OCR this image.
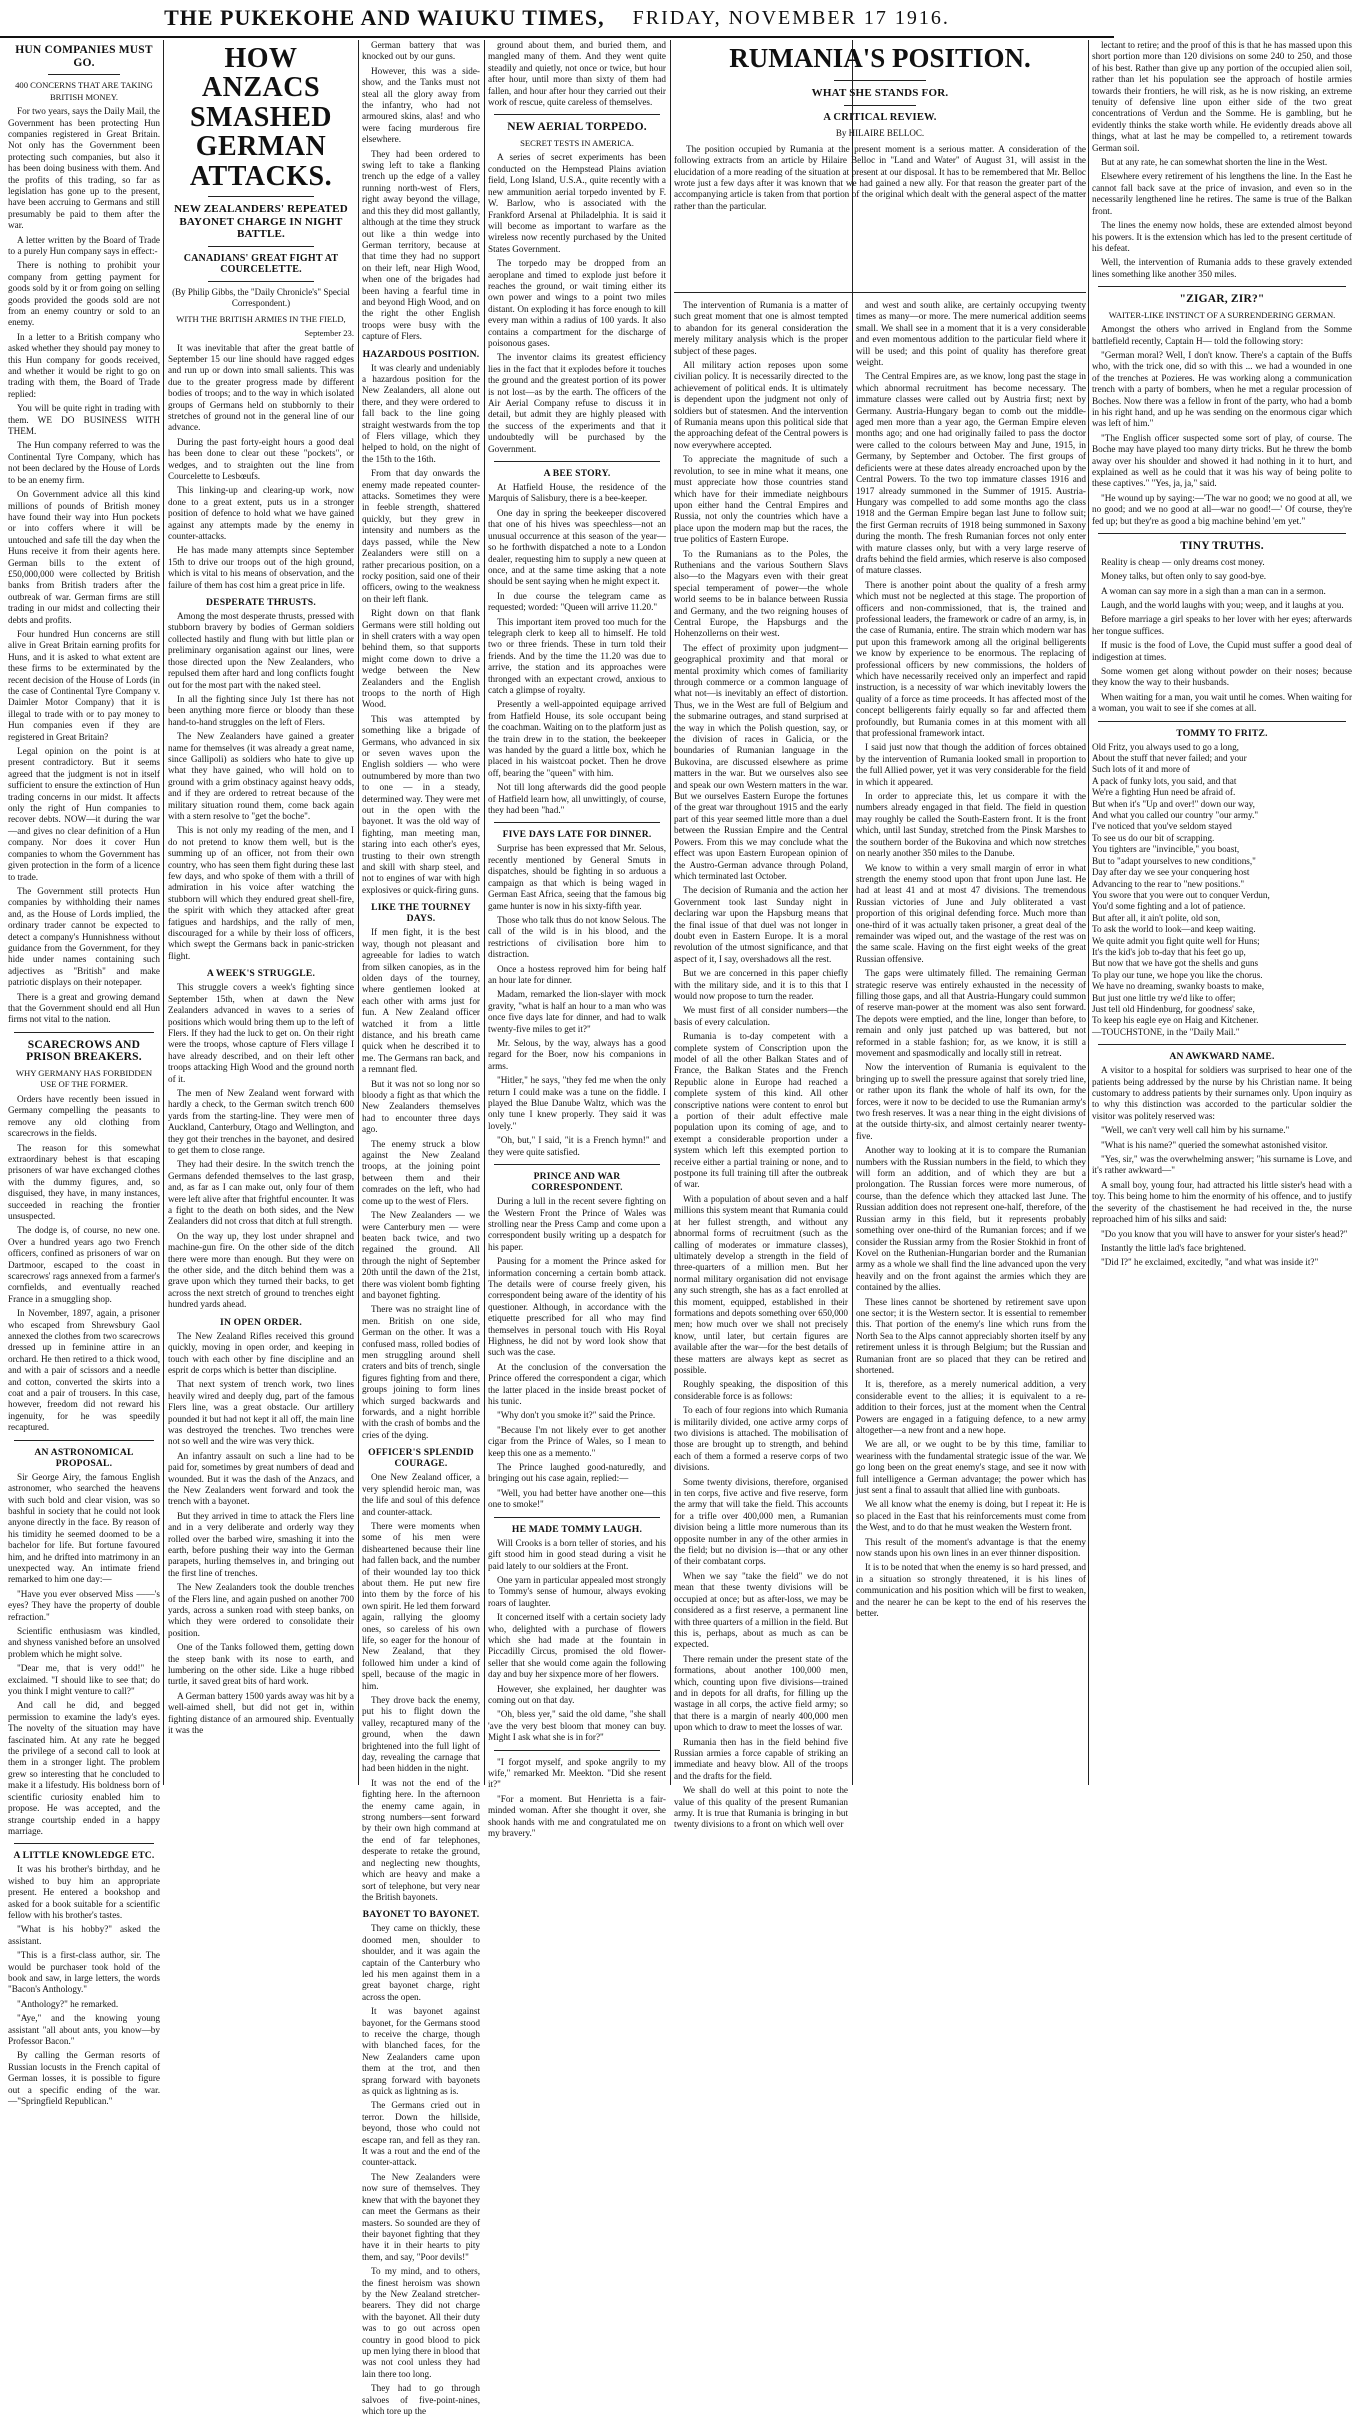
THE PUKEKOHE AND WAIUKU TIMES, FRIDAY, NOVEMBER 17 1916.
HUN COMPANIES MUST GO.
400 CONCERNS THAT ARE TAKING BRITISH MONEY.

For two years, says the Daily Mail, the Government has been protecting Hun companies registered in Great Britain. Not only has the Government been protecting such companies, but also it has been doing business with them. And the profits of this trading, so far as legislation has gone up to the present, have been accruing to Germans and still presumably be paid to them after the war.

A letter written by the Board of Trade to a purely Hun company says in effect:-

There is nothing to prohibit your company from getting payment for goods sold by it or from going on selling goods provided the goods sold are not from an enemy country or sold to an enemy.

In a letter to a British company who asked whether they should pay money to this Hun company for goods received, and whether it would be right to go on trading with them, the Board of Trade replied:

You will be quite right in trading with them. WE DO BUSINESS WITH THEM.

The Hun company referred to was the Continental Tyre Company, which has not been declared by the House of Lords to be an enemy firm.

On Government advice all this kind millions of pounds of British money have found their way into Hun pockets or into coffers where it will be untouched and safe till the day when the Huns receive it from their agents here. German bills to the extent of £50,000,000 were collected by British banks from British traders after the outbreak of war. German firms are still trading in our midst and collecting their debts and profits.

Four hundred Hun concerns are still alive in Great Britain earning profits for Huns, and it is asked to what extent are these firms to be exterminated by the recent decision of the House of Lords (in the case of Continental Tyre Company v. Daimler Motor Company) that it is illegal to trade with or to pay money to Hun companies even if they are registered in Great Britain?

Legal opinion on the point is at present contradictory. But it seems agreed that the judgment is not in itself sufficient to ensure the extinction of Hun trading concerns in our midst. It affects only the right of Hun companies to recover debts. NOW—it during the war—and gives no clear definition of a Hun company. Nor does it cover Hun companies to whom the Government has given protection in the form of a licence to trade.

The Government still protects Hun companies by withholding their names and, as the House of Lords implied, the ordinary trader cannot be expected to detect a company's Hunnishness without guidance from the Government, for they hide under names containing such adjectives as "British" and make patriotic displays on their notepaper.

There is a great and growing demand that the Government should end all Hun firms not vital to the nation.

SCARECROWS AND PRISON BREAKERS.
WHY GERMANY HAS FORBIDDEN USE OF THE FORMER.

Orders have recently been issued in Germany compelling the peasants to remove any old clothing from scarecrows in the fields.

The reason for this somewhat extraordinary behest is that escaping prisoners of war have exchanged clothes with the dummy figures, and, so disguised, they have, in many instances, succeeded in reaching the frontier unsuspected.

The dodge is, of course, no new one. Over a hundred years ago two French officers, confined as prisoners of war on Dartmoor, escaped to the coast in scarecrows' rags annexed from a farmer's cornfields, and eventually reached France in a smuggling shop.

In November, 1897, again, a prisoner who escaped from Shrewsbury Gaol annexed the clothes from two scarecrows dressed up in feminine attire in an orchard. He then retired to a thick wood, and with a pair of scissors and a needle and cotton, converted the skirts into a coat and a pair of trousers. In this case, however, freedom did not reward his ingenuity, for he was speedily recaptured.

AN ASTRONOMICAL PROPOSAL.

Sir George Airy, the famous English astronomer, who searched the heavens with such bold and clear vision, was so bashful in society that he could not look anyone directly in the face. By reason of his timidity he seemed doomed to be a bachelor for life. But fortune favoured him, and he drifted into matrimony in an unexpected way. An intimate friend remarked to him one day:—

"Have you ever observed Miss ——'s eyes? They have the property of double refraction."

Scientific enthusiasm was kindled, and shyness vanished before an unsolved problem which he might solve.

"Dear me, that is very odd!" he exclaimed. "I should like to see that; do you think I might venture to call?"

And call he did, and begged permission to examine the lady's eyes. The novelty of the situation may have fascinated him. At any rate he begged the privilege of a second call to look at them in a stronger light. The problem grew so interesting that he concluded to make it a lifestudy. His boldness born of scientific curiosity enabled him to propose. He was accepted, and the strange courtship ended in a happy marriage.

A LITTLE KNOWLEDGE ETC.

It was his brother's birthday, and he wished to buy him an appropriate present. He entered a bookshop and asked for a book suitable for a scientific fellow with his brother's tastes.

"What is his hobby?" asked the assistant.

"This is a first-class author, sir. The would be purchaser took hold of the book and saw, in large letters, the words "Bacon's Anthology."

"Anthology?" he remarked.

"Aye," and the knowing young assistant "all about ants, you know—by Professor Bacon."

By calling the German resorts of Russian locusts in the French capital of German losses, it is possible to figure out a specific ending of the war.—"Springfield Republican."

HOW ANZACS SMASHED GERMAN ATTACKS.
NEW ZEALANDERS' REPEATED BAYONET CHARGE IN NIGHT BATTLE.
CANADIANS' GREAT FIGHT AT COURCELETTE.
(By Philip Gibbs, the "Daily Chronicle's" Special Correspondent.)
WITH THE BRITISH ARMIES IN THE FIELD,
September 23.

It was inevitable that after the great battle of September 15 our line should have ragged edges and run up or down into small salients. This was due to the greater progress made by different bodies of troops; and to the way in which isolated groups of Germans held on stubbornly to their stretches of ground not in the general line of our advance.

During the past forty-eight hours a good deal has been done to clear out these "pockets", or wedges, and to straighten out the line from Courcelette to Lesbœufs.

This linking-up and clearing-up work, now done to a great extent, puts us in a stronger position of defence to hold what we have gained against any attempts made by the enemy in counter-attacks.

He has made many attempts since September 15th to drive our troops out of the high ground, which is vital to his means of observation, and the failure of them has cost him a great price in life.

DESPERATE THRUSTS.

Among the most desperate thrusts, pressed with stubborn bravery by bodies of German soldiers collected hastily and flung with but little plan or preliminary organisation against our lines, were those directed upon the New Zealanders, who repulsed them after hard and long conflicts fought out for the most part with the naked steel.

In all the fighting since July 1st there has not been anything more fierce or bloody than these hand-to-hand struggles on the left of Flers.

The New Zealanders have gained a greater name for themselves (it was already a great name, since Gallipoli) as soldiers who hate to give up what they have gained, who will hold on to ground with a grim obstinacy against heavy odds, and if they are ordered to retreat because of the military situation round them, come back again with a stern resolve to "get the boche".

This is not only my reading of the men, and I do not pretend to know them well, but is the summing up of an officer, not from their own country, who has seen them fight during these last few days, and who spoke of them with a thrill of admiration in his voice after watching the stubborn will which they endured great shell-fire, the spirit with which they attacked after great fatigues and hardships, and the rally of men, discouraged for a while by their loss of officers, which swept the Germans back in panic-stricken flight.

A WEEK'S STRUGGLE.

This struggle covers a week's fighting since September 15th, when at dawn the New Zealanders advanced in waves to a series of positions which would bring them up to the left of Flers. If they had the luck to get on. On their right were the troops, whose capture of Flers village I have already described, and on their left other troops attacking High Wood and the ground north of it.

The men of New Zealand went forward with hardly a check, to the German switch trench 600 yards from the starting-line. They were men of Auckland, Canterbury, Otago and Wellington, and they got their trenches in the bayonet, and desired to get them to close range.

They had their desire. In the switch trench the Germans defended themselves to the last grasp, and, as far as I can make out, only four of them were left alive after that frightful encounter. It was a fight to the death on both sides, and the New Zealanders did not cross that ditch at full strength.

On the way up, they lost under shrapnel and machine-gun fire. On the other side of the ditch there were more than enough. But they were on the other side, and the ditch behind them was a grave upon which they turned their backs, to get across the next stretch of ground to trenches eight hundred yards ahead.

IN OPEN ORDER.

The New Zealand Rifles received this ground quickly, moving in open order, and keeping in touch with each other by fine discipline and an esprit de corps which is better than discipline.

That next system of trench work, two lines heavily wired and deeply dug, part of the famous Flers line, was a great obstacle. Our artillery pounded it but had not kept it all off, the main line was destroyed the trenches. Two trenches were not so well and the wire was very thick.

An infantry assault on such a line had to be paid for, sometimes by great numbers of dead and wounded. But it was the dash of the Anzacs, and the New Zealanders went forward and took the trench with a bayonet.

But they arrived in time to attack the Flers line and in a very deliberate and orderly way they rolled over the barbed wire, smashing it into the earth, before pushing their way into the German parapets, hurling themselves in, and bringing out the first line of trenches.

The New Zealanders took the double trenches of the Flers line, and again pushed on another 700 yards, across a sunken road with steep banks, on which they were ordered to consolidate their position.

One of the Tanks followed them, getting down the steep bank with its nose to earth, and lumbering on the other side. Like a huge ribbed turtle, it saved great bits of hard work.

A German battery 1500 yards away was hit by a well-aimed shell, but did not get in, within fighting distance of an armoured ship. Eventually it was the

German battery that was knocked out by our guns.

However, this was a side-show, and the Tanks must not steal all the glory away from the infantry, who had not armoured skins, alas! and who were facing murderous fire elsewhere.

They had been ordered to swing left to take a flanking trench up the edge of a valley running north-west of Flers, right away beyond the village, and this they did most gallantly, although at the time they struck out like a thin wedge into German territory, because at that time they had no support on their left, near High Wood, when one of the brigades had been having a fearful time in and beyond High Wood, and on the right the other English troops were busy with the capture of Flers.

HAZARDOUS POSITION.

It was clearly and undeniably a hazardous position for the New Zealanders, all alone out there, and they were ordered to fall back to the line going straight westwards from the top of Flers village, which they helped to hold, on the night of the 15th to the 16th.

From that day onwards the enemy made repeated counter-attacks. Sometimes they were in feeble strength, shattered quickly, but they grew in intensity and numbers as the days passed, while the New Zealanders were still on a rather precarious position, on a rocky position, said one of their officers, owing to the weakness on their left flank.

Right down on that flank Germans were still holding out in shell craters with a way open behind them, so that supports might come down to drive a wedge between the New Zealanders and the English troops to the north of High Wood.

This was attempted by something like a brigade of Germans, who advanced in six or seven waves upon the English soldiers — who were outnumbered by more than two to one — in a steady, determined way. They were met out in the open with the bayonet. It was the old way of fighting, man meeting man, staring into each other's eyes, trusting to their own strength and skill with sharp steel, and not to engines of war with high explosives or quick-firing guns.

LIKE THE TOURNEY DAYS.

If men fight, it is the best way, though not pleasant and agreeable for ladies to watch from silken canopies, as in the olden days of the tourney, where gentlemen looked at each other with arms just for fun. A New Zealand officer watched it from a little distance, and his breath came quick when he described it to me. The Germans ran back, and a remnant fled.

But it was not so long nor so bloody a fight as that which the New Zealanders themselves had to encounter three days ago.

The enemy struck a blow against the New Zealand troops, at the joining point between them and their comrades on the left, who had come up to the west of Flers.

The New Zealanders — we were Canterbury men — were beaten back twice, and two regained the ground. All through the night of September 20th until the dawn of the 21st, there was violent bomb fighting and bayonet fighting.

There was no straight line of men. British on one side, German on the other. It was a confused mass, rolled bodies of men struggling around shell craters and bits of trench, single figures fighting from and there, groups joining to form lines which surged backwards and forwards, and a night horrible with the crash of bombs and the cries of the dying.

OFFICER'S SPLENDID COURAGE.

One New Zealand officer, a very splendid heroic man, was the life and soul of this defence and counter-attack.

There were moments when some of his men were disheartened because their line had fallen back, and the number of their wounded lay too thick about them. He put new fire into them by the force of his own spirit. He led them forward again, rallying the gloomy ones, so careless of his own life, so eager for the honour of New Zealand, that they followed him under a kind of spell, because of the magic in him.

They drove back the enemy, put his to flight down the valley, recaptured many of the ground, when the dawn brightened into the full light of day, revealing the carnage that had been hidden in the night.

It was not the end of the fighting here. In the afternoon the enemy came again, in strong numbers—sent forward by their own high command at the end of far telephones, desperate to retake the ground, and neglecting new thoughts, which are heavy and make a sort of telephone, but very near the British bayonets.

BAYONET TO BAYONET.

They came on thickly, these doomed men, shoulder to shoulder, and it was again the captain of the Canterbury who led his men against them in a great bayonet charge, right across the open.

It was bayonet against bayonet, for the Germans stood to receive the charge, though with blanched faces, for the New Zealanders came upon them at the trot, and then sprang forward with bayonets as quick as lightning as is.

The Germans cried out in terror. Down the hillside, beyond, those who could not escape ran, and fell as they ran. It was a rout and the end of the counter-attack.

The New Zealanders were now sure of themselves. They knew that with the bayonet they can meet the Germans as their masters. So sounded are they of their bayonet fighting that they have it in their hearts to pity them, and say, "Poor devils!"

To my mind, and to others, the finest heroism was shown by the New Zealand stretcher-bearers. They did not charge with the bayonet. All their duty was to go out across open country in good blood to pick up men lying there in blood that was not cool unless they had lain there too long.

They had to go through salvoes of five-point-nines, which tore up the

ground about them, and buried them, and mangled many of them. And they went quite steadily and quietly, not once or twice, but hour after hour, until more than sixty of them had fallen, and hour after hour they carried out their work of rescue, quite careless of themselves.

NEW AERIAL TORPEDO.
SECRET TESTS IN AMERICA.

A series of secret experiments has been conducted on the Hempstead Plains aviation field, Long Island, U.S.A., quite recently with a new ammunition aerial torpedo invented by F. W. Barlow, who is associated with the Frankford Arsenal at Philadelphia. It is said it will become as important to warfare as the wireless now recently purchased by the United States Government.

The torpedo may be dropped from an aeroplane and timed to explode just before it reaches the ground, or wait timing either its own power and wings to a point two miles distant. On exploding it has force enough to kill every man within a radius of 100 yards. It also contains a compartment for the discharge of poisonous gases.

The inventor claims its greatest efficiency lies in the fact that it explodes before it touches the ground and the greatest portion of its power is not lost—as by the earth. The officers of the Air Aerial Company refuse to discuss it in detail, but admit they are highly pleased with the success of the experiments and that it undoubtedly will be purchased by the Government.

A BEE STORY.

At Hatfield House, the residence of the Marquis of Salisbury, there is a bee-keeper.

One day in spring the beekeeper discovered that one of his hives was speechless—not an unusual occurrence at this season of the year—so he forthwith dispatched a note to a London dealer, requesting him to supply a new queen at once, and at the same time asking that a note should be sent saying when he might expect it.

In due course the telegram came as requested; worded: "Queen will arrive 11.20."

This important item proved too much for the telegraph clerk to keep all to himself. He told two or three friends. These in turn told their friends. And by the time the 11.20 was due to arrive, the station and its approaches were thronged with an expectant crowd, anxious to catch a glimpse of royalty.

Presently a well-appointed equipage arrived from Hatfield House, its sole occupant being the coachman. Waiting on to the platform just as the train drew in to the station, the beekeeper was handed by the guard a little box, which he placed in his waistcoat pocket. Then he drove off, bearing the "queen" with him.

Not till long afterwards did the good people of Hatfield learn how, all unwittingly, of course, they had been "had."

FIVE DAYS LATE FOR DINNER.

Surprise has been expressed that Mr. Selous, recently mentioned by General Smuts in dispatches, should be fighting in so arduous a campaign as that which is being waged in German East Africa, seeing that the famous big game hunter is now in his sixty-fifth year.

Those who talk thus do not know Selous. The call of the wild is in his blood, and the restrictions of civilisation bore him to distraction.

Once a hostess reproved him for being half an hour late for dinner.

Madam, remarked the lion-slayer with mock gravity, "what is half an hour to a man who was once five days late for dinner, and had to walk twenty-five miles to get it?"

Mr. Selous, by the way, always has a good regard for the Boer, now his companions in arms.

"Hitler," he says, "they fed me when the only return I could make was a tune on the fiddle. I played the Blue Danube Waltz, which was the only tune I knew properly. They said it was lovely."

"Oh, but," I said, "it is a French hymn!" and they were quite satisfied.

PRINCE AND WAR CORRESPONDENT.

During a lull in the recent severe fighting on the Western Front the Prince of Wales was strolling near the Press Camp and come upon a correspondent busily writing up a despatch for his paper.

Pausing for a moment the Prince asked for information concerning a certain bomb attack. The details were of course freely given, his correspondent being aware of the identity of his questioner. Although, in accordance with the etiquette prescribed for all who may find themselves in personal touch with His Royal Highness, he did not by word look show that such was the case.

At the conclusion of the conversation the Prince offered the correspondent a cigar, which the latter placed in the inside breast pocket of his tunic.

"Why don't you smoke it?" said the Prince.

"Because I'm not likely ever to get another cigar from the Prince of Wales, so I mean to keep this one as a memento."

The Prince laughed good-naturedly, and bringing out his case again, replied:—

"Well, you had better have another one—this one to smoke!"

HE MADE TOMMY LAUGH.

Will Crooks is a born teller of stories, and his gift stood him in good stead during a visit he paid lately to our soldiers at the Front.

One yarn in particular appealed most strongly to Tommy's sense of humour, always evoking roars of laughter.

It concerned itself with a certain society lady who, delighted with a purchase of flowers which she had made at the fountain in Piccadilly Circus, promised the old flower-seller that she would come again the following day and buy her sixpence more of her flowers.

However, she explained, her daughter was coming out on that day.

"Oh, bless yer," said the old dame, "she shall 'ave the very best bloom that money can buy. Might I ask what she is in for?"

"I forgot myself, and spoke angrily to my wife," remarked Mr. Meekton. "Did she resent it?"

"For a moment. But Henrietta is a fair-minded woman. After she thought it over, she shook hands with me and congratulated me on my bravery."

RUMANIA'S POSITION.
WHAT SHE STANDS FOR.
A CRITICAL REVIEW.
By HILAIRE BELLOC.

The position occupied by Rumania at the present moment is a serious matter. A consideration of the following extracts from an article by Hilaire Belloc in "Land and Water" of August 31, will assist in the elucidation of a more reading of the situation at present at our disposal. It has to be remembered that Mr. Belloc wrote just a few days after it was known that we had gained a new ally. For that reason the greater part of the accompanying article is taken from that portion of the original which dealt with the general aspect of the matter rather than the particular.

The intervention of Rumania is a matter of such great moment that one is almost tempted to abandon for its general consideration the merely military analysis which is the proper subject of these pages.

All military action reposes upon some civilian policy. It is necessarily directed to the achievement of political ends. It is ultimately is dependent upon the judgment not only of soldiers but of statesmen. And the intervention of Rumania means upon this political side that the approaching defeat of the Central powers is now everywhere accepted.

To appreciate the magnitude of such a revolution, to see in mine what it means, one must appreciate how those countries stand which have for their immediate neighbours upon either hand the Central Empires and Russia, not only the countries which have a place upon the modern map but the races, the true politics of Eastern Europe.

To the Rumanians as to the Poles, the Ruthenians and the various Southern Slavs also—to the Magyars even with their great special temperament of power—the whole world seems to be in balance between Russia and Germany, and the two reigning houses of Central Europe, the Hapsburgs and the Hohenzollerns on their west.

The effect of proximity upon judgment—geographical proximity and that moral or mental proximity which comes of familiarity through commerce or a common language of what not—is inevitably an effect of distortion. Thus, we in the West are full of Belgium and the submarine outrages, and stand surprised at the way in which the Polish question, say, or the division of races in Galicia, or the boundaries of Rumanian language in the Bukovina, are discussed elsewhere as prime matters in the war. But we ourselves also see and speak our own Western matters in the war. But we ourselves Eastern Europe the fortunes of the great war throughout 1915 and the early part of this year seemed little more than a duel between the Russian Empire and the Central Powers. From this we may conclude what the effect was upon Eastern European opinion of the Austro-German advance through Poland, which terminated last October.

The decision of Rumania and the action her Government took last Sunday night in declaring war upon the Hapsburg means that the final issue of that duel was not longer in doubt even in Eastern Europe. It is a moral revolution of the utmost significance, and that aspect of it, I say, overshadows all the rest.

But we are concerned in this paper chiefly with the military side, and it is to this that I would now propose to turn the reader.

We must first of all consider numbers—the basis of every calculation.

Rumania is to-day competent with a complete system of Conscription upon the model of all the other Balkan States and of France, the Balkan States and the French Republic alone in Europe had reached a complete system of this kind. All other conscriptive nations were content to enrol but a portion of their adult effective male population upon its coming of age, and to exempt a considerable proportion under a system which left this exempted portion to receive either a partial training or none, and to postpone its full training till after the outbreak of war.

With a population of about seven and a half millions this system meant that Rumania could at her fullest strength, and without any abnormal forms of recruitment (such as the calling of moderates or immature classes), ultimately develop a strength in the field of three-quarters of a million men. But her normal military organisation did not envisage any such strength, she has as a fact enrolled at this moment, equipped, established in their formations and depots something over 650,000 men; how much over we shall not precisely know, until later, but certain figures are available after the war—for the best details of these matters are always kept as secret as possible.

Roughly speaking, the disposition of this considerable force is as follows:

To each of four regions into which Rumania is militarily divided, one active army corps of two divisions is attached. The mobilisation of those are brought up to strength, and behind each of them a formed a reserve corps of two divisions.

Some twenty divisions, therefore, organised in ten corps, five active and five reserve, form the army that will take the field. This accounts for a trifle over 400,000 men, a Rumanian division being a little more numerous than its opposite number in any of the other armies in the field; but no division is—that or any other of their combatant corps.

When we say "take the field" we do not mean that these twenty divisions will be occupied at once; but as after-loss, we may be considered as a first reserve, a permanent line with three quarters of a million in the field. But this is, perhaps, about as much as can be expected.

There remain under the present state of the formations, about another 100,000 men, which, counting upon five divisions—trained and in depots for all drafts, for filling up the wastage in all corps, the active field army; so that there is a margin of nearly 400,000 men upon which to draw to meet the losses of war.

Rumania then has in the field behind five Russian armies a force capable of striking an immediate and heavy blow. All of the troops and the drafts for the field.

We shall do well at this point to note the value of this quality of the present Rumanian army. It is true that Rumania is bringing in but twenty divisions to a front on which well over

and west and south alike, are certainly occupying twenty times as many—or more. The mere numerical addition seems small. We shall see in a moment that it is a very considerable and even momentous addition to the particular field where it will be used; and this point of quality has therefore great weight.

The Central Empires are, as we know, long past the stage in which abnormal recruitment has become necessary. The immature classes were called out by Austria first; next by Germany. Austria-Hungary began to comb out the middle-aged men more than a year ago, the German Empire eleven months ago; and one had originally failed to pass the doctor were called to the colours between May and June, 1915, in Germany, by September and October. The first groups of deficients were at these dates already encroached upon by the Central Powers. To the two top immature classes 1916 and 1917 already summoned in the Summer of 1915. Austria-Hungary was compelled to add some months ago the class 1918 and the German Empire began last June to follow suit; the first German recruits of 1918 being summoned in Saxony during the month. The fresh Rumanian forces not only enter with mature classes only, but with a very large reserve of drafts behind the field armies, which reserve is also composed of mature classes.

There is another point about the quality of a fresh army which must not be neglected at this stage. The proportion of officers and non-commissioned, that is, the trained and professional leaders, the framework or cadre of an army, is, in the case of Rumania, entire. The strain which modern war has put upon this framework among all the original belligerents we know by experience to be enormous. The replacing of professional officers by new commissions, the holders of which have necessarily received only an imperfect and rapid instruction, is a necessity of war which inevitably lowers the quality of a force as time proceeds. It has affected most of the concept belligerents fairly equally so far and affected them profoundly, but Rumania comes in at this moment with all that professional framework intact.

I said just now that though the addition of forces obtained by the intervention of Rumania looked small in proportion to the full Allied power, yet it was very considerable for the field in which it appeared.

In order to appreciate this, let us compare it with the numbers already engaged in that field. The field in question may roughly be called the South-Eastern front. It is the front which, until last Sunday, stretched from the Pinsk Marshes to the southern border of the Bukovina and which now stretches on nearly another 350 miles to the Danube.

We know to within a very small margin of error in what strength the enemy stood upon that front upon June last. He had at least 41 and at most 47 divisions. The tremendous Russian victories of June and July obliterated a vast proportion of this original defending force. Much more than one-third of it was actually taken prisoner, a great deal of the remainder was wiped out, and the wastage of the rest was on the same scale. Having on the first eight weeks of the great Russian offensive.

The gaps were ultimately filled. The remaining German strategic reserve was entirely exhausted in the necessity of filling those gaps, and all that Austria-Hungary could summon of reserve man-power at the moment was also sent forward. The depots were emptied, and the line, longer than before, to remain and only just patched up was battered, but not reformed in a stable fashion; for, as we know, it is still a movement and spasmodically and locally still in retreat.

Now the intervention of Rumania is equivalent to the bringing up to swell the pressure against that sorely tried line, or rather upon its flank the whole of half its own, for the forces, were it now to be decided to use the Rumanian army's two fresh reserves. It was a near thing in the eight divisions of at the outside thirty-six, and almost certainly nearer twenty-five.

Another way to looking at it is to compare the Rumanian numbers with the Russian numbers in the field, to which they will form an addition, and of which they are but a prolongation. The Russian forces were more numerous, of course, than the defence which they attacked last June. The Russian addition does not represent one-half, therefore, of the Russian army in this field, but it represents probably something over one-third of the Rumanian forces; and if we consider the Russian army from the Rosier Stokhid in front of Kovel on the Ruthenian-Hungarian border and the Rumanian army as a whole we shall find the line advanced upon the very heavily and on the front against the armies which they are contained by the allies.

These lines cannot be shortened by retirement save upon one sector; it is the Western sector. It is essential to remember this. That portion of the enemy's line which runs from the North Sea to the Alps cannot appreciably shorten itself by any retirement unless it is through Belgium; but the Russian and Rumanian front are so placed that they can be retired and shortened.

It is, therefore, as a merely numerical addition, a very considerable event to the allies; it is equivalent to a re-addition to their forces, just at the moment when the Central Powers are engaged in a fatiguing defence, to a new army altogether—a new front and a new hope.

We are all, or we ought to be by this time, familiar to weariness with the fundamental strategic issue of the war. We go long been on the great enemy's stage, and see it now with full intelligence a German advantage; the power which has just sent a final to assault that allied line with gunboats.

We all know what the enemy is doing, but I repeat it: He is so placed in the East that his reinforcements must come from the West, and to do that he must weaken the Western front.

This result of the moment's advantage is that the enemy now stands upon his own lines in an ever thinner disposition.

It is to be noted that when the enemy is so hard pressed, and in a situation so strongly threatened, it is his lines of communication and his position which will be first to weaken, and the nearer he can be kept to the end of his reserves the better.

lectant to retire; and the proof of this is that he has massed upon this short portion more than 120 divisions on some 240 to 250, and those of his best. Rather than give up any portion of the occupied alien soil, rather than let his population see the approach of hostile armies towards their frontiers, he will risk, as he is now risking, an extreme tenuity of defensive line upon either side of the two great concentrations of Verdun and the Somme. He is gambling, but he evidently thinks the stake worth while. He evidently dreads above all things, what at last he may be compelled to, a retirement towards German soil.

But at any rate, he can somewhat shorten the line in the West.

Elsewhere every retirement of his lengthens the line. In the East he cannot fall back save at the price of invasion, and even so in the necessarily lengthened line he retires. The same is true of the Balkan front.

The lines the enemy now holds, these are extended almost beyond his powers. It is the extension which has led to the present certitude of his defeat.

Well, the intervention of Rumania adds to these gravely extended lines something like another 350 miles.

"ZIGAR, ZIR?"
WAITER-LIKE INSTINCT OF A SURRENDERING GERMAN.

Amongst the others who arrived in England from the Somme battlefield recently, Captain H— told the following story:

"German moral? Well, I don't know. There's a captain of the Buffs who, with the trick one, did so with this ... we had a wounded in one of the trenches at Pozieres. He was working along a communication trench with a party of bombers, when he met a regular procession of Boches. Now there was a fellow in front of the party, who had a bomb in his right hand, and up he was sending on the enormous cigar which was left of him."

"The English officer suspected some sort of play, of course. The Boche may have played too many dirty tricks. But he threw the bomb away over his shoulder and showed it had nothing in it to hurt, and explained as well as he could that it was his way of being polite to these captives." "Yes, ja, ja," said.

"He wound up by saying:—'The war no good; we no good at all, we no good; and we no good at all—war no good!—' Of course, they're fed up; but they're as good a big machine behind 'em yet."

TINY TRUTHS.

Reality is cheap — only dreams cost money.

Money talks, but often only to say good-bye.

A woman can say more in a sigh than a man can in a sermon.

Laugh, and the world laughs with you; weep, and it laughs at you.

Before marriage a girl speaks to her lover with her eyes; afterwards her tongue suffices.

If music is the food of Love, the Cupid must suffer a good deal of indigestion at times.

Some women get along without powder on their noses; because they know the way to their husbands.

When waiting for a man, you wait until he comes. When waiting for a woman, you wait to see if she comes at all.

TOMMY TO FRITZ.

Old Fritz, you always used to go a long,

About the stuff that never failed; and your

Such lots of it and more of

A pack of funky lots, you said, and that

We're a fighting Hun need be afraid of.

But when it's "Up and over!" down our way,

And what you called our country "our army."

I've noticed that you've seldom stayed

To see us do our bit of scrapping.

You tighters are "invincible," you boast,

But to "adapt yourselves to new conditions,"

Day after day we see your conquering host

Advancing to the rear to "new positions."

You swore that you were out to conquer Verdun,

You'd some fighting and a lot of patience.

But after all, it ain't polite, old son,

To ask the world to look—and keep waiting.

We quite admit you fight quite well for Huns;

It's the kid's job to-day that his feet go up,

But now that we have got the shells and guns

To play our tune, we hope you like the chorus.

We have no dreaming, swanky boasts to make,

But just one little try we'd like to offer;

Just tell old Hindenburg, for goodness' sake,

To keep his eagle eye on Haig and Kitchener.

—TOUCHSTONE, in the "Daily Mail."

AN AWKWARD NAME.

A visitor to a hospital for soldiers was surprised to hear one of the patients being addressed by the nurse by his Christian name. It being customary to address patients by their surnames only. Upon inquiry as to why this distinction was accorded to the particular soldier the visitor was politely reserved was:

"Well, we can't very well call him by his surname."

"What is his name?" queried the somewhat astonished visitor.

"Yes, sir," was the overwhelming answer; "his surname is Love, and it's rather awkward—"

A small boy, young four, had attracted his little sister's head with a toy. This being home to him the enormity of his offence, and to justify the severity of the chastisement he had received in the, the nurse reproached him of his silks and said:

"Do you know that you will have to answer for your sister's head?"

Instantly the little lad's face brightened.

"Did I?" he exclaimed, excitedly, "and what was inside it?"
